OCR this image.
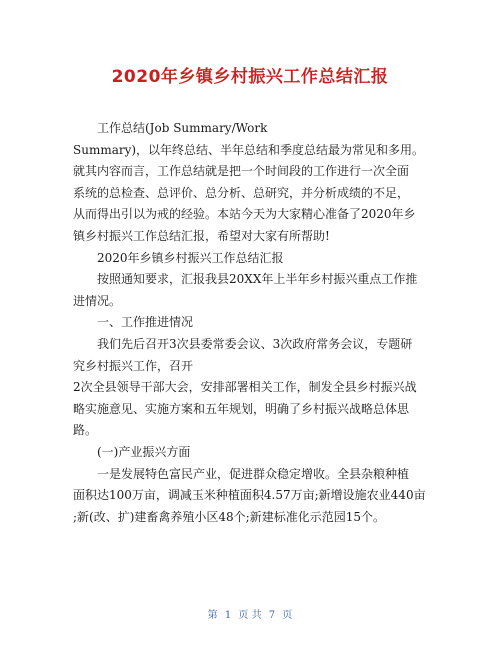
2020年乡镇乡村振兴工作总结汇报
工作总结(Job Summary/Work
Summary)，以年终总结、半年总结和季度总结最为常见和多用。
就其内容而言，工作总结就是把一个时间段的工作进行一次全面
系统的总检查、总评价、总分析、总研究，并分析成绩的不足，
从而得出引以为戒的经验。本站今天为大家精心准备了2020年乡
镇乡村振兴工作总结汇报，希望对大家有所帮助!
2020年乡镇乡村振兴工作总结汇报
按照通知要求，汇报我县20XX年上半年乡村振兴重点工作推
进情况。
一、工作推进情况
我们先后召开3次县委常委会议、3次政府常务会议，专题研
究乡村振兴工作，召开
2次全县领导干部大会，安排部署相关工作，制发全县乡村振兴战
略实施意见、实施方案和五年规划，明确了乡村振兴战略总体思
路。
(一)产业振兴方面
一是发展特色富民产业，促进群众稳定增收。全县杂粮种植
面积达100万亩，调减玉米种植面积4.57万亩;新增设施农业440亩
;新(改、扩)建畜禽养殖小区48个;新建标准化示范园15个。
第 1 页 共 7 页
